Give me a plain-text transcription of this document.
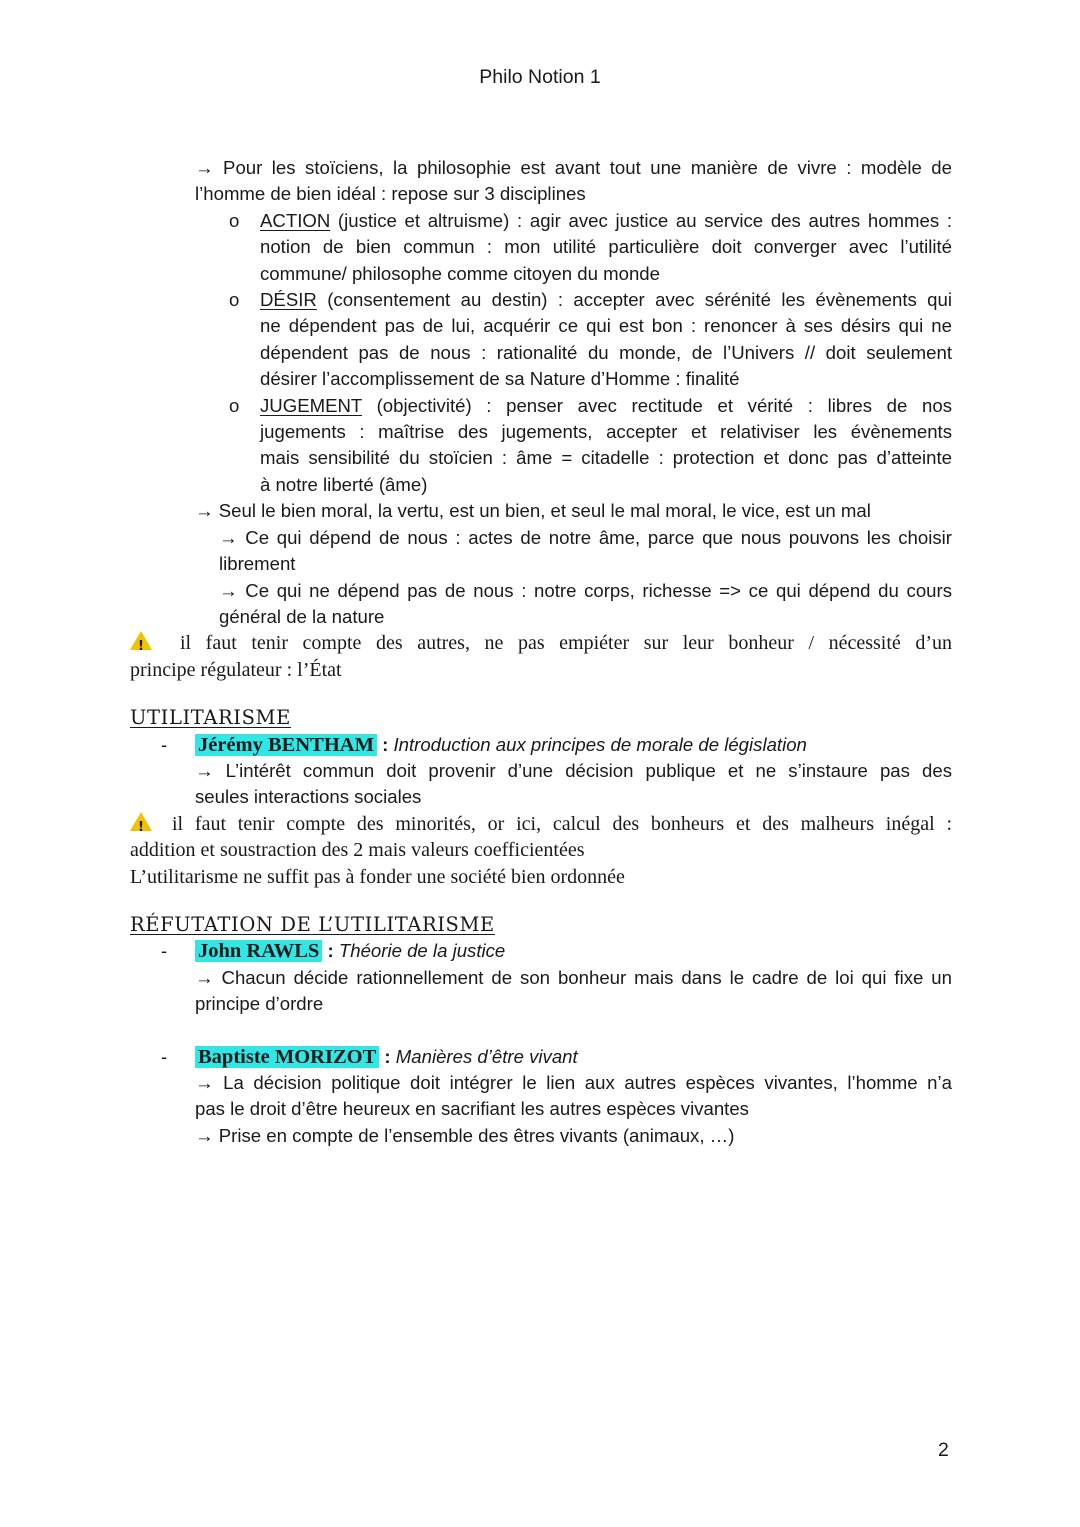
Philo Notion 1
→ Pour les stoïciens, la philosophie est avant tout une manière de vivre : modèle de
l’homme de bien idéal : repose sur 3 disciplines
o ACTION (justice et altruisme) : agir avec justice au service des autres hommes :
notion de bien commun : mon utilité particulière doit converger avec l’utilité
commune/ philosophe comme citoyen du monde
o DÉSIR (consentement au destin) : accepter avec sérénité les évènements qui
ne dépendent pas de lui, acquérir ce qui est bon : renoncer à ses désirs qui ne
dépendent pas de nous : rationalité du monde, de l’Univers // doit seulement
désirer l’accomplissement de sa Nature d’Homme : finalité
o JUGEMENT (objectivité) : penser avec rectitude et vérité : libres de nos
jugements : maîtrise des jugements, accepter et relativiser les évènements
mais sensibilité du stoïcien : âme = citadelle : protection et donc pas d’atteinte
à notre liberté (âme)
→ Seul le bien moral, la vertu, est un bien, et seul le mal moral, le vice, est un mal
→ Ce qui dépend de nous : actes de notre âme, parce que nous pouvons les choisir
librement
→ Ce qui ne dépend pas de nous : notre corps, richesse => ce qui dépend du cours
général de la nature
!il faut tenir compte des autres, ne pas empiéter sur leur bonheur / nécessité d’un
principe régulateur : l’État
UTILITARISME
- Jérémy BENTHAM : Introduction aux principes de morale de législation
→ L’intérêt commun doit provenir d’une décision publique et ne s’instaure pas des
seules interactions sociales
!il faut tenir compte des minorités, or ici, calcul des bonheurs et des malheurs inégal :
addition et soustraction des 2 mais valeurs coefficientées
L’utilitarisme ne suffit pas à fonder une société bien ordonnée
RÉFUTATION DE L’UTILITARISME
- John RAWLS : Théorie de la justice
→ Chacun décide rationnellement de son bonheur mais dans le cadre de loi qui fixe un
principe d’ordre
- Baptiste MORIZOT : Manières d’être vivant
→ La décision politique doit intégrer le lien aux autres espèces vivantes, l’homme n’a
pas le droit d’être heureux en sacrifiant les autres espèces vivantes
→ Prise en compte de l’ensemble des êtres vivants (animaux, …)
2
